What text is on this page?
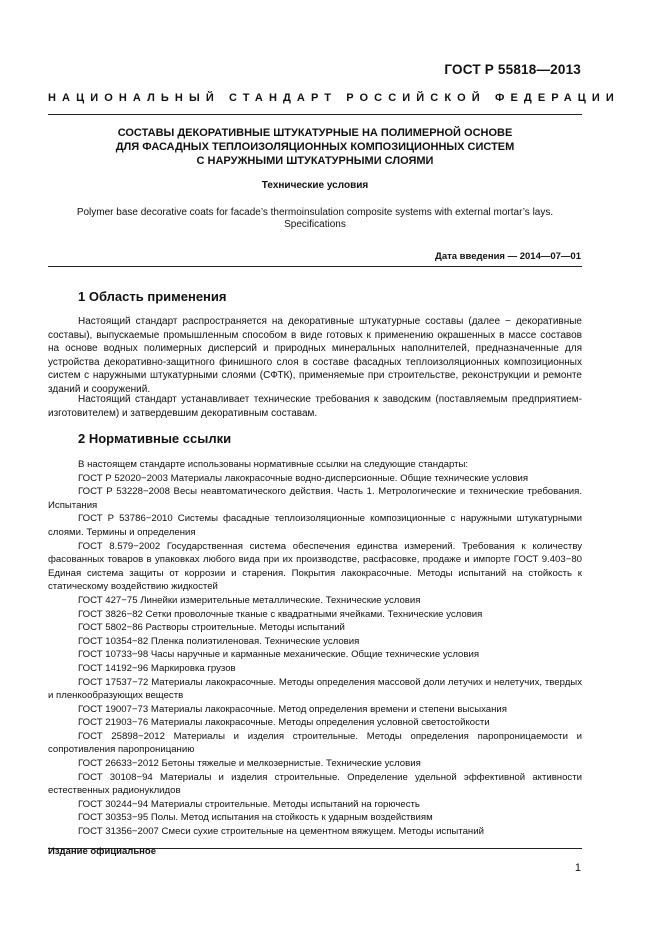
ГОСТ Р 55818—2013
НАЦИОНАЛЬНЫЙ СТАНДАРТ РОССИЙСКОЙ ФЕДЕРАЦИИ
СОСТАВЫ ДЕКОРАТИВНЫЕ ШТУКАТУРНЫЕ НА ПОЛИМЕРНОЙ ОСНОВЕ
ДЛЯ ФАСАДНЫХ ТЕПЛОИЗОЛЯЦИОННЫХ КОМПОЗИЦИОННЫХ СИСТЕМ
С НАРУЖНЫМИ ШТУКАТУРНЫМИ СЛОЯМИ
Технические условия
Polymer base decorative coats for facade’s thermoinsulation composite systems with external mortar’s lays.
Specifications
Дата введения — 2014—07—01
1 Область применения
Настоящий стандарт распространяется на декоративные штукатурные составы (далее − декоративные составы), выпускаемые промышленным способом в виде готовых к применению окрашенных в массе составов на основе водных полимерных дисперсий и природных минеральных наполнителей, предназначенные для устройства декоративно-защитного финишного слоя в составе фасадных теплоизоляционных композиционных систем с наружными штукатурными слоями (СФТК), применяемые при строительстве, реконструкции и ремонте зданий и сооружений.
Настоящий стандарт устанавливает технические требования к заводским (поставляемым предприятием-изготовителем) и затвердевшим декоративным составам.
2 Нормативные ссылки
В настоящем стандарте использованы нормативные ссылки на следующие стандарты:
ГОСТ Р 52020−2003 Материалы лакокрасочные водно-дисперсионные. Общие технические условия
ГОСТ Р 53228−2008 Весы неавтоматического действия. Часть 1. Метрологические и технические требования. Испытания
ГОСТ Р 53786−2010 Системы фасадные теплоизоляционные композиционные с наружными штукатурными слоями. Термины и определения
ГОСТ 8.579−2002 Государственная система обеспечения единства измерений. Требования к количеству фасованных товаров в упаковках любого вида при их производстве, расфасовке, продаже и импорте ГОСТ 9.403−80 Единая система защиты от коррозии и старения. Покрытия лакокрасочные. Методы испытаний на стойкость к статическому воздействию жидкостей
ГОСТ 427−75 Линейки измерительные металлические. Технические условия
ГОСТ 3826−82 Сетки проволочные тканые с квадратными ячейками. Технические условия
ГОСТ 5802−86 Растворы строительные. Методы испытаний
ГОСТ 10354−82 Пленка полиэтиленовая. Технические условия
ГОСТ 10733−98 Часы наручные и карманные механические. Общие технические условия
ГОСТ 14192−96 Маркировка грузов
ГОСТ 17537−72 Материалы лакокрасочные. Методы определения массовой доли летучих и нелетучих, твердых и пленкообразующих веществ
ГОСТ 19007−73 Материалы лакокрасочные. Метод определения времени и степени высыхания
ГОСТ 21903−76 Материалы лакокрасочные. Методы определения условной светостойкости
ГОСТ 25898−2012 Материалы и изделия строительные. Методы определения паропроницаемости и сопротивления паропроницанию
ГОСТ 26633−2012 Бетоны тяжелые и мелкозернистые. Технические условия
ГОСТ 30108−94 Материалы и изделия строительные. Определение удельной эффективной активности естественных радионуклидов
ГОСТ 30244−94 Материалы строительные. Методы испытаний на горючесть
ГОСТ 30353−95 Полы. Метод испытания на стойкость к ударным воздействиям
ГОСТ 31356−2007 Смеси сухие строительные на цементном вяжущем. Методы испытаний
Издание официальное
1
